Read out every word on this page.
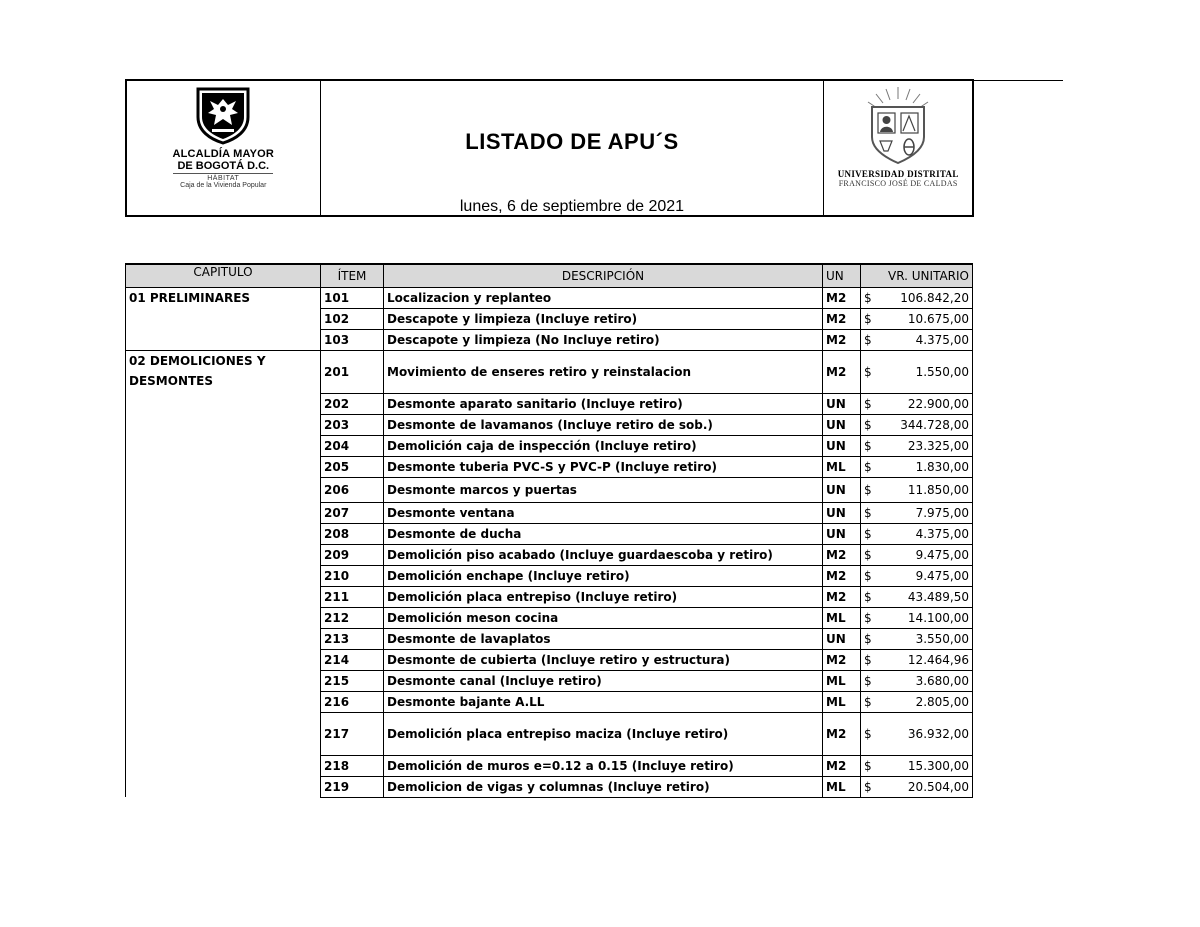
ALCALDÍA MAYOR
DE BOGOTÁ D.C.
HÁBITAT
Caja de la Vivienda Popular
LISTADO DE APU´S
lunes, 6 de septiembre de 2021
UNIVERSIDAD DISTRITAL
FRANCISCO JOSÉ DE CALDAS
CAPITULO	ÍTEM	DESCRIPCIÓN	UN	VR. UNITARIO

01 PRELIMINARES	101	Localizacion y replanteo	M2	$ 106.842,20

	102	Descapote y limpieza (Incluye retiro)	M2	$ 10.675,00

	103	Descapote y limpieza (No Incluye retiro)	M2	$ 4.375,00

02 DEMOLICIONES Y DESMONTES	201	Movimiento de enseres retiro y reinstalacion	M2	$ 1.550,00

	202	Desmonte aparato sanitario (Incluye retiro)	UN	$ 22.900,00

	203	Desmonte de lavamanos (Incluye retiro de sob.)	UN	$ 344.728,00

	204	Demolición caja de inspección (Incluye retiro)	UN	$ 23.325,00

	205	Desmonte tuberia PVC-S y PVC-P (Incluye retiro)	ML	$ 1.830,00

	206	Desmonte marcos y puertas	UN	$ 11.850,00

	207	Desmonte ventana	UN	$ 7.975,00

	208	Desmonte de ducha	UN	$ 4.375,00

	209	Demolición piso acabado (Incluye guardaescoba y retiro)	M2	$ 9.475,00

	210	Demolición enchape (Incluye retiro)	M2	$ 9.475,00

	211	Demolición placa entrepiso (Incluye retiro)	M2	$ 43.489,50

	212	Demolición meson cocina	ML	$ 14.100,00

	213	Desmonte de lavaplatos	UN	$ 3.550,00

	214	Desmonte de cubierta (Incluye retiro y estructura)	M2	$ 12.464,96

	215	Desmonte canal (Incluye retiro)	ML	$ 3.680,00

	216	Desmonte bajante A.LL	ML	$ 2.805,00

	217	Demolición placa entrepiso maciza (Incluye retiro)	M2	$ 36.932,00

	218	Demolición de muros e=0.12 a 0.15 (Incluye retiro)	M2	$ 15.300,00

	219	Demolicion de vigas y columnas (Incluye retiro)	ML	$ 20.504,00
